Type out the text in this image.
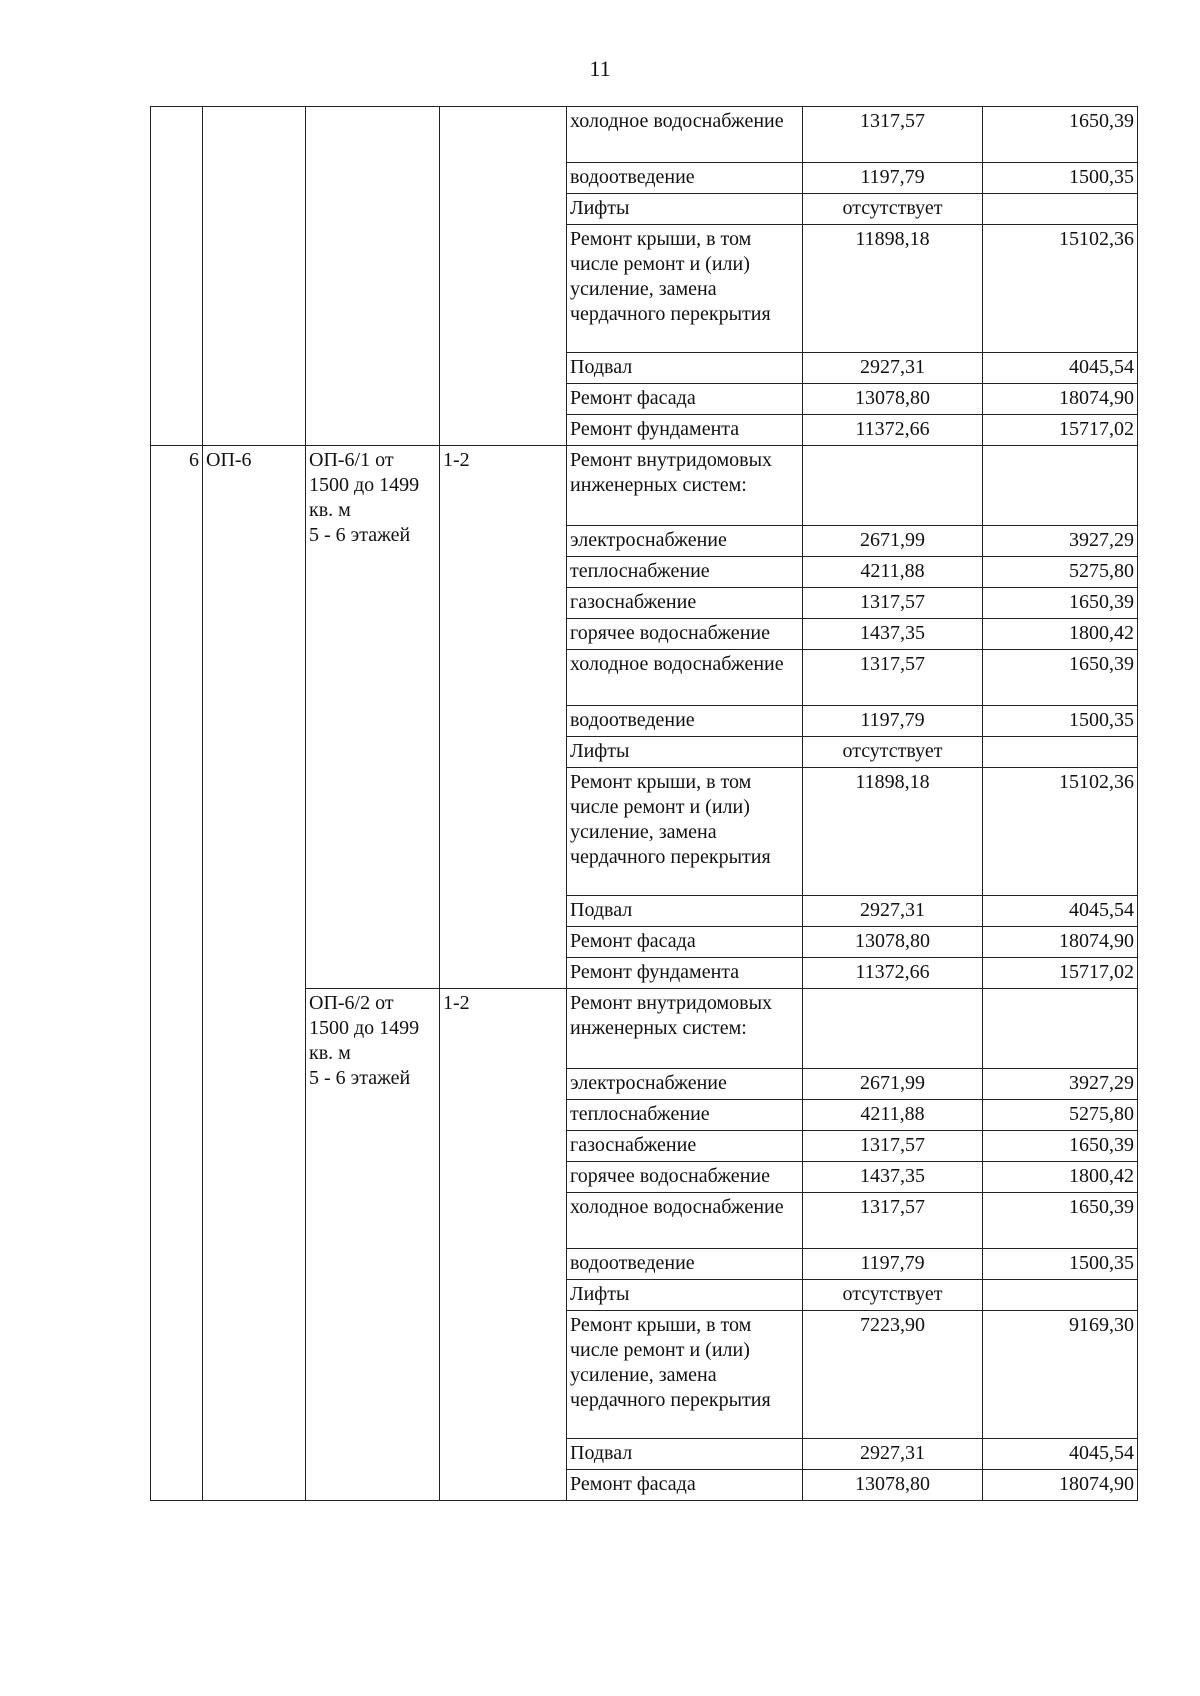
11
				холодное водоснабжение	1317,57	1650,39
				водоотведение	1197,79	1500,35
				Лифты	отсутствует	
				Ремонт крыши, в том числе ремонт и (или) усиление, замена чердачного перекрытия	11898,18	15102,36
				Подвал	2927,31	4045,54
				Ремонт фасада	13078,80	18074,90
				Ремонт фундамента	11372,66	15717,02
6	ОП-6	ОП-6/1 от
1500 до 1499
кв. м
5 - 6 этажей	1-2	Ремонт внутридомовых инженерных систем:		
				электроснабжение	2671,99	3927,29
				теплоснабжение	4211,88	5275,80
				газоснабжение	1317,57	1650,39
				горячее водоснабжение	1437,35	1800,42
				холодное водоснабжение	1317,57	1650,39
				водоотведение	1197,79	1500,35
				Лифты	отсутствует	
				Ремонт крыши, в том числе ремонт и (или) усиление, замена чердачного перекрытия	11898,18	15102,36
				Подвал	2927,31	4045,54
				Ремонт фасада	13078,80	18074,90
				Ремонт фундамента	11372,66	15717,02
		ОП-6/2 от
1500 до 1499
кв. м
5 - 6 этажей	1-2	Ремонт внутридомовых инженерных систем:		
				электроснабжение	2671,99	3927,29
				теплоснабжение	4211,88	5275,80
				газоснабжение	1317,57	1650,39
				горячее водоснабжение	1437,35	1800,42
				холодное водоснабжение	1317,57	1650,39
				водоотведение	1197,79	1500,35
				Лифты	отсутствует	
				Ремонт крыши, в том числе ремонт и (или) усиление, замена чердачного перекрытия	7223,90	9169,30
				Подвал	2927,31	4045,54
				Ремонт фасада	13078,80	18074,90
